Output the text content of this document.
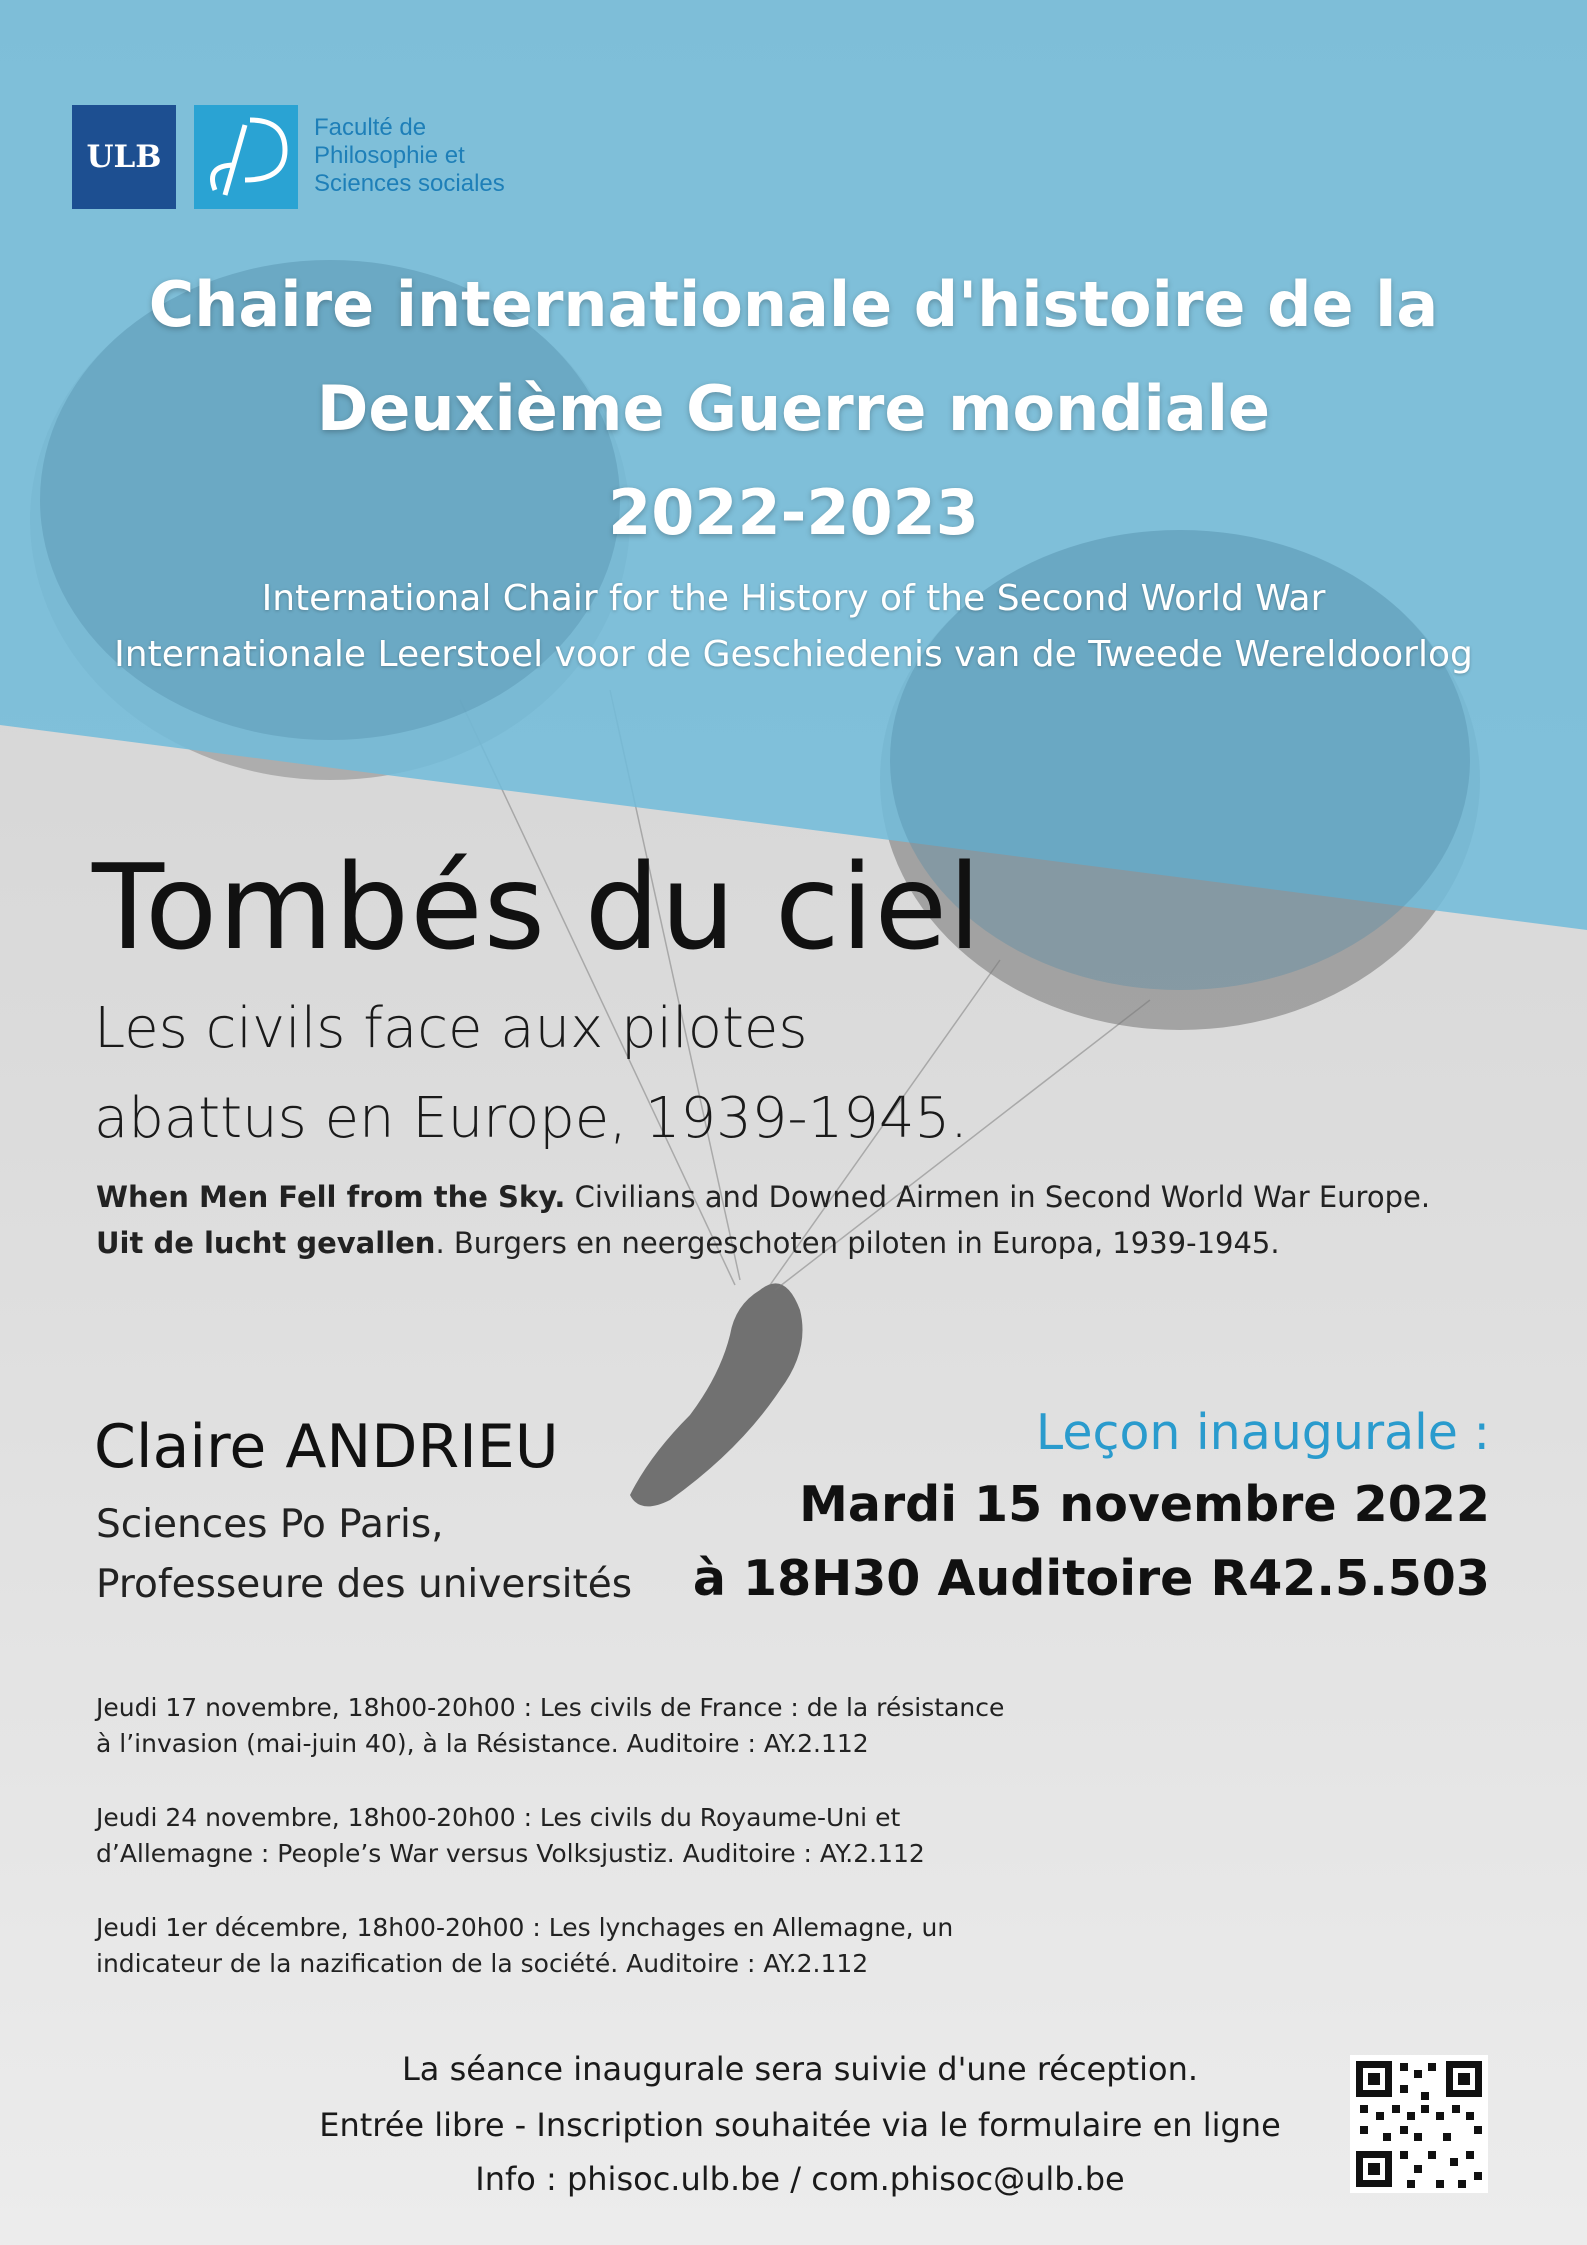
ULB
Faculté de
Philosophie et
Sciences sociales
Chaire internationale d'histoire de la
Deuxième Guerre mondiale
2022-2023
International Chair for the History of the Second World War
Internationale Leerstoel voor de Geschiedenis van de Tweede Wereldoorlog
Tombés du ciel
Les civils face aux pilotes
abattus en Europe, 1939-1945.
When Men Fell from the Sky. Civilians and Downed Airmen in Second World War Europe.
Uit de lucht gevallen. Burgers en neergeschoten piloten in Europa, 1939-1945.
Claire ANDRIEU
Sciences Po Paris,
Professeure des universités
Leçon inaugurale :
Mardi 15 novembre 2022
à 18H30 Auditoire R42.5.503
Jeudi 17 novembre, 18h00-20h00 : Les civils de France : de la résistance
à l’invasion (mai-juin 40), à la Résistance. Auditoire : AY.2.112
Jeudi 24 novembre, 18h00-20h00 : Les civils du Royaume-Uni et
d’Allemagne : People’s War versus Volksjustiz. Auditoire : AY.2.112
Jeudi 1er décembre, 18h00-20h00 : Les lynchages en Allemagne, un
indicateur de la nazification de la société. Auditoire : AY.2.112
La séance inaugurale sera suivie d'une réception.
Entrée libre - Inscription souhaitée via le formulaire en ligne
Info : phisoc.ulb.be / com.phisoc@ulb.be
